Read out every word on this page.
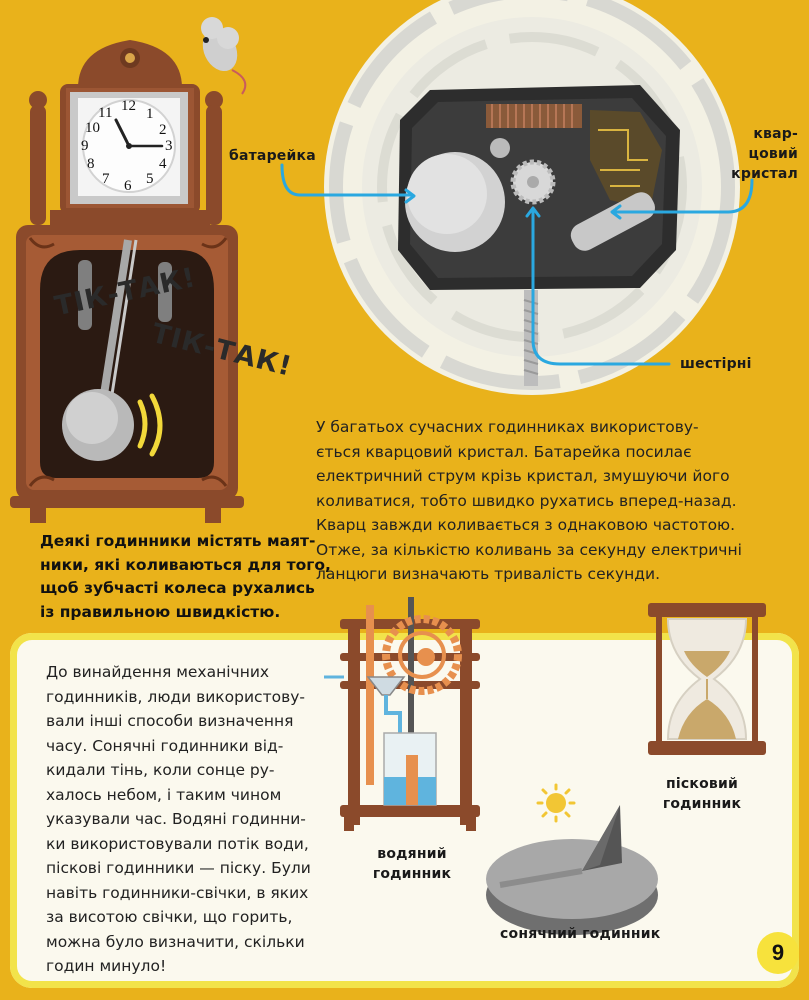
12 1
2
3
4
5
6
7
8
9
10
11
ТІК-ТАК!
ТІК-ТАК!
батарейка
квар-
цовий
кристал
шестірні
Деякі годинники містять маят-
ники, які коливаються для того,
щоб зубчасті колеса рухались
із правильною швидкістю.
У багатьох сучасних годинниках використову-
ється кварцовий кристал. Батарейка посилає
електричний струм крізь кристал, змушуючи його
коливатися, тобто швидко рухатись вперед-назад.
Кварц завжди коливається з однаковою частотою.
Отже, за кількістю коливань за секунду електричні
ланцюги визначають тривалість секунди.
До винайдення механічних
годинників, люди використову-
вали інші способи визначення
часу. Сонячні годинники від-
кидали тінь, коли сонце ру-
халось небом, і таким чином
указували час. Водяні годинни-
ки використовували потік води,
піскові годинники — піску. Були
навіть годинники-свічки, в яких
за висотою свічки, що горить,
можна було визначити, скільки
годин минуло!
водяний
годинник
пісковий
годинник
сонячний годинник
9
